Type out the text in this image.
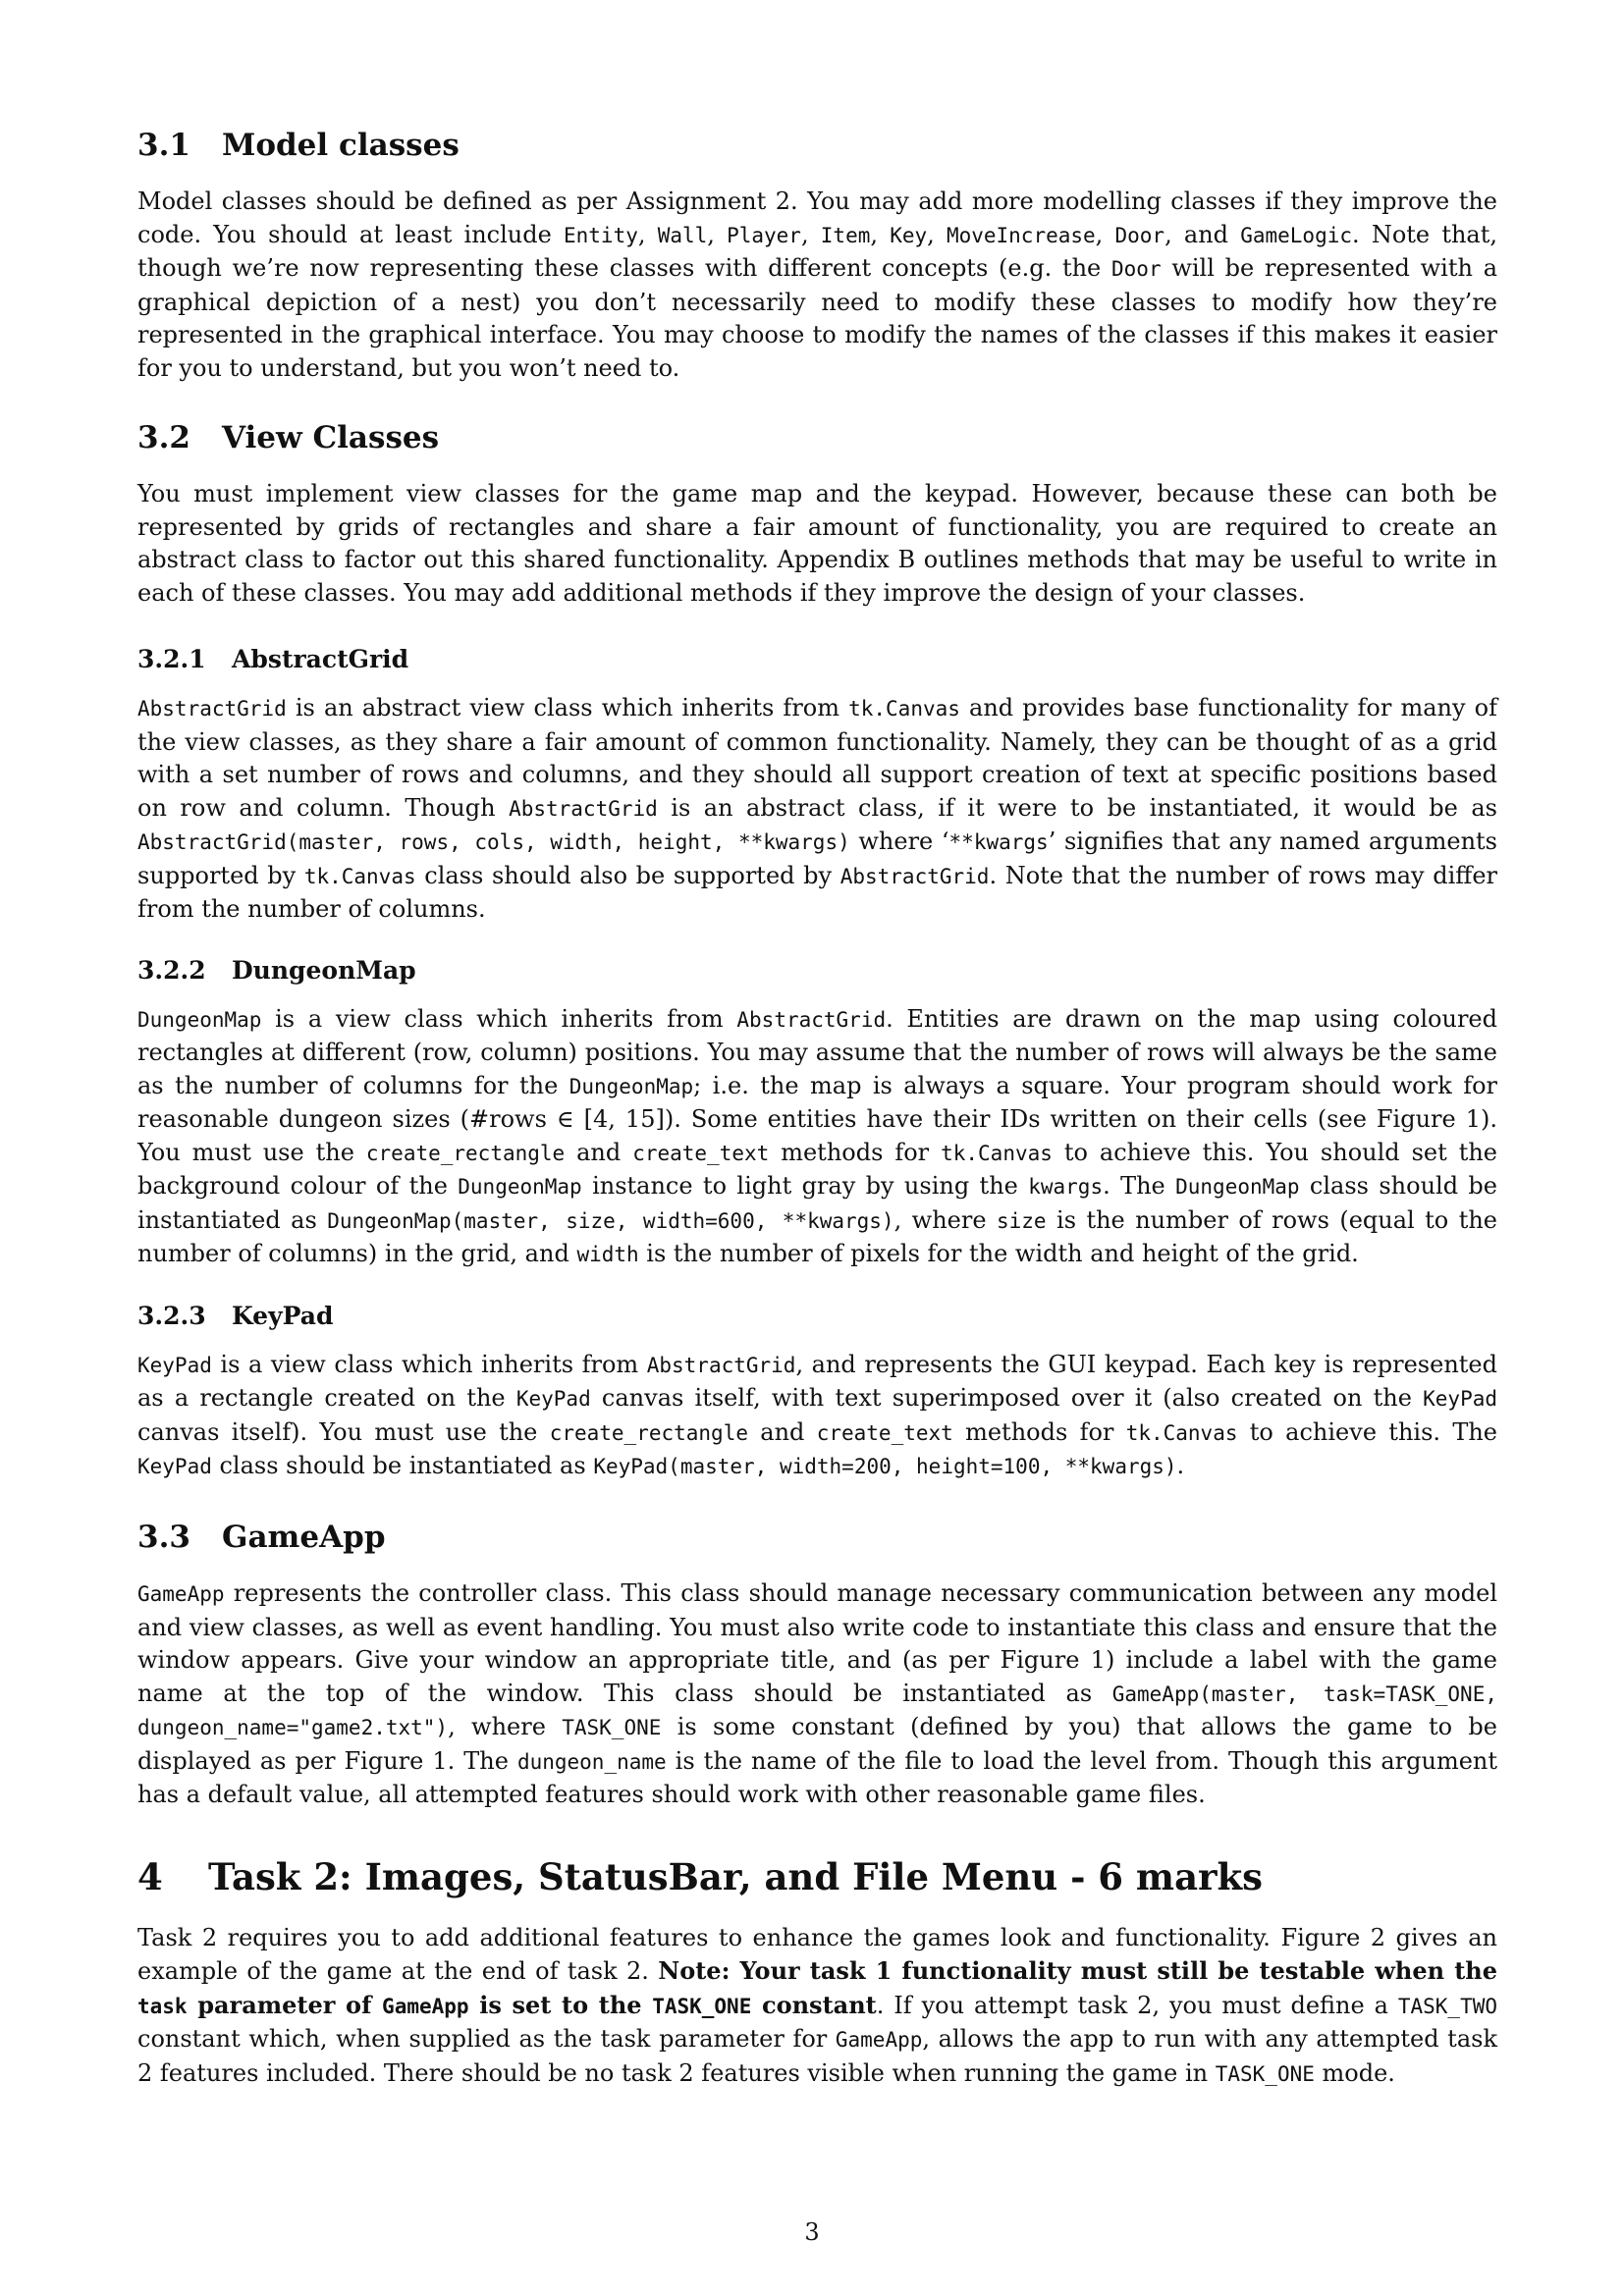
3.1 Model classes

Model classes should be defined as per Assignment 2. You may add more modelling classes if they improve the code. You should at least include Entity, Wall, Player, Item, Key, MoveIncrease, Door, and GameLogic. Note that, though we’re now representing these classes with different concepts (e.g. the Door will be represented with a graphical depiction of a nest) you don’t necessarily need to modify these classes to modify how they’re represented in the graphical interface. You may choose to modify the names of the classes if this makes it easier for you to understand, but you won’t need to.

3.2 View Classes

You must implement view classes for the game map and the keypad. However, because these can both be represented by grids of rectangles and share a fair amount of functionality, you are required to create an abstract class to factor out this shared functionality. Appendix B outlines methods that may be useful to write in each of these classes. You may add additional methods if they improve the design of your classes.

3.2.1 AbstractGrid

AbstractGrid is an abstract view class which inherits from tk.Canvas and provides base functionality for many of the view classes, as they share a fair amount of common functionality. Namely, they can be thought of as a grid with a set number of rows and columns, and they should all support creation of text at specific positions based on row and column. Though AbstractGrid is an abstract class, if it were to be instantiated, it would be as AbstractGrid(master, rows, cols, width, height, **kwargs) where ‘**kwargs’ signifies that any named arguments supported by tk.Canvas class should also be supported by AbstractGrid. Note that the number of rows may differ from the number of columns.

3.2.2 DungeonMap

DungeonMap is a view class which inherits from AbstractGrid. Entities are drawn on the map using coloured rectangles at different (row, column) positions. You may assume that the number of rows will always be the same as the number of columns for the DungeonMap; i.e. the map is always a square. Your program should work for reasonable dungeon sizes (#rows ∈ [4, 15]). Some entities have their IDs written on their cells (see Figure 1). You must use the create_rectangle and create_text methods for tk.Canvas to achieve this. You should set the background colour of the DungeonMap instance to light gray by using the kwargs. The DungeonMap class should be instantiated as DungeonMap(master, size, width=600, **kwargs), where size is the number of rows (equal to the number of columns) in the grid, and width is the number of pixels for the width and height of the grid.

3.2.3 KeyPad

KeyPad is a view class which inherits from AbstractGrid, and represents the GUI keypad. Each key is represented as a rectangle created on the KeyPad canvas itself, with text superimposed over it (also created on the KeyPad canvas itself). You must use the create_rectangle and create_text methods for tk.Canvas to achieve this. The KeyPad class should be instantiated as KeyPad(master, width=200, height=100, **kwargs).

3.3 GameApp

GameApp represents the controller class. This class should manage necessary communication between any model and view classes, as well as event handling. You must also write code to instantiate this class and ensure that the window appears. Give your window an appropriate title, and (as per Figure 1) include a label with the game name at the top of the window. This class should be instantiated as GameApp(master, task=TASK_ONE, dungeon_name="game2.txt"), where TASK_ONE is some constant (defined by you) that allows the game to be displayed as per Figure 1. The dungeon_name is the name of the file to load the level from. Though this argument has a default value, all attempted features should work with other reasonable game files.

4 Task 2: Images, StatusBar, and File Menu - 6 marks

Task 2 requires you to add additional features to enhance the games look and functionality. Figure 2 gives an example of the game at the end of task 2. Note: Your task 1 functionality must still be testable when the task parameter of GameApp is set to the TASK_ONE constant. If you attempt task 2, you must define a TASK_TWO constant which, when supplied as the task parameter for GameApp, allows the app to run with any attempted task 2 features included. There should be no task 2 features visible when running the game in TASK_ONE mode.

3
